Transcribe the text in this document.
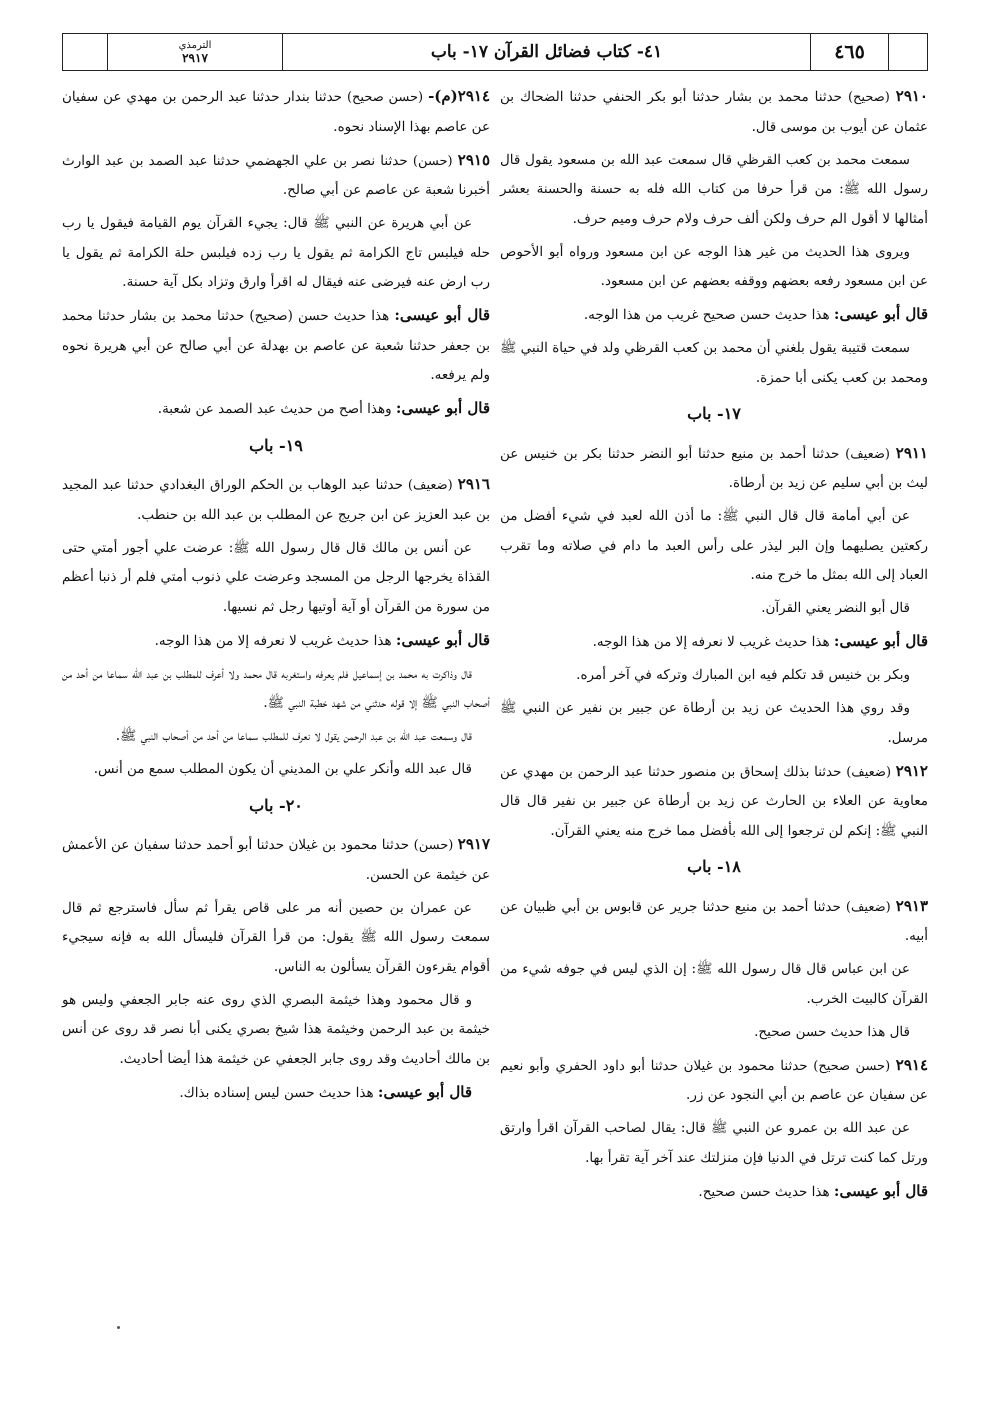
الترمذي
٢٩١٧	٤١- كتاب فضائل القرآن ١٧- باب	٤٦٥

٢٩١٠ (صحيح) حدثنا محمد بن بشار حدثنا أبو بكر الحنفي حدثنا الضحاك بن عثمان عن أيوب بن موسى قال.

سمعت محمد بن كعب القرظي قال سمعت عبد الله بن مسعود يقول قال رسول الله ﷺ: من قرأ حرفا من كتاب الله فله به حسنة والحسنة بعشر أمثالها لا أقول الم حرف ولكن ألف حرف ولام حرف وميم حرف.

ويروى هذا الحديث من غير هذا الوجه عن ابن مسعود ورواه أبو الأحوص عن ابن مسعود رفعه بعضهم ووقفه بعضهم عن ابن مسعود.

قال أبو عيسى: هذا حديث حسن صحيح غريب من هذا الوجه.

سمعت قتيبة يقول بلغني أن محمد بن كعب القرظي ولد في حياة النبي ﷺ ومحمد بن كعب يكنى أبا حمزة.

١٧- باب

٢٩١١ (ضعيف) حدثنا أحمد بن منيع حدثنا أبو النضر حدثنا بكر بن خنيس عن ليث بن أبي سليم عن زيد بن أرطاة.

عن أبي أمامة قال قال النبي ﷺ: ما أذن الله لعبد في شيء أفضل من ركعتين يصليهما وإن البر ليذر على رأس العبد ما دام في صلاته وما تقرب العباد إلى الله بمثل ما خرج منه.

قال أبو النضر يعني القرآن.

قال أبو عيسى: هذا حديث غريب لا نعرفه إلا من هذا الوجه.

وبكر بن خنيس قد تكلم فيه ابن المبارك وتركه في آخر أمره.

وقد روي هذا الحديث عن زيد بن أرطاة عن جبير بن نفير عن النبي ﷺ مرسل.

٢٩١٢ (ضعيف) حدثنا بذلك إسحاق بن منصور حدثنا عبد الرحمن بن مهدي عن معاوية عن العلاء بن الحارث عن زيد بن أرطاة عن جبير بن نفير قال قال النبي ﷺ: إنكم لن ترجعوا إلى الله بأفضل مما خرج منه يعني القرآن.

١٨- باب

٢٩١٣ (ضعيف) حدثنا أحمد بن منيع حدثنا جرير عن قابوس بن أبي ظبيان عن أبيه.

عن ابن عباس قال قال رسول الله ﷺ: إن الذي ليس في جوفه شيء من القرآن كالبيت الخرب.

قال هذا حديث حسن صحيح.

٢٩١٤ (حسن صحيح) حدثنا محمود بن غيلان حدثنا أبو داود الحفري وأبو نعيم عن سفيان عن عاصم بن أبي النجود عن زر.

عن عبد الله بن عمرو عن النبي ﷺ قال: يقال لصاحب القرآن اقرأ وارتق ورتل كما كنت ترتل في الدنيا فإن منزلتك عند آخر آية تقرأ بها.

قال أبو عيسى: هذا حديث حسن صحيح.

٢٩١٤(م)- (حسن صحيح) حدثنا بندار حدثنا عبد الرحمن بن مهدي عن سفيان عن عاصم بهذا الإسناد نحوه.

٢٩١٥ (حسن) حدثنا نصر بن علي الجهضمي حدثنا عبد الصمد بن عبد الوارث أخبرنا شعبة عن عاصم عن أبي صالح.

عن أبي هريرة عن النبي ﷺ قال: يجيء القرآن يوم القيامة فيقول يا رب حله فيلبس تاج الكرامة ثم يقول يا رب زده فيلبس حلة الكرامة ثم يقول يا رب ارض عنه فيرضى عنه فيقال له اقرأ وارق وتزاد بكل آية حسنة.

قال أبو عيسى: هذا حديث حسن (صحيح) حدثنا محمد بن بشار حدثنا محمد بن جعفر حدثنا شعبة عن عاصم بن بهدلة عن أبي صالح عن أبي هريرة نحوه ولم يرفعه.

قال أبو عيسى: وهذا أصح من حديث عبد الصمد عن شعبة.

١٩- باب

٢٩١٦ (ضعيف) حدثنا عبد الوهاب بن الحكم الوراق البغدادي حدثنا عبد المجيد بن عبد العزيز عن ابن جريج عن المطلب بن عبد الله بن حنطب.

عن أنس بن مالك قال قال رسول الله ﷺ: عرضت علي أجور أمتي حتى القذاة يخرجها الرجل من المسجد وعرضت علي ذنوب أمتي فلم أر ذنبا أعظم من سورة من القرآن أو آية أوتيها رجل ثم نسيها.

قال أبو عيسى: هذا حديث غريب لا نعرفه إلا من هذا الوجه.

قال وذاكرت به محمد بن إسماعيل فلم يعرفه واستغربه قال محمد ولا أعرف للمطلب بن عبد الله سماعا من أحد من أصحاب النبي ﷺ إلا قوله حدثني من شهد خطبة النبي ﷺ.

قال وسمعت عبد الله بن عبد الرحمن يقول لا نعرف للمطلب سماعا من أحد من أصحاب النبي ﷺ.

قال عبد الله وأنكر علي بن المديني أن يكون المطلب سمع من أنس.

٢٠- باب

٢٩١٧ (حسن) حدثنا محمود بن غيلان حدثنا أبو أحمد حدثنا سفيان عن الأعمش عن خيثمة عن الحسن.

عن عمران بن حصين أنه مر على قاص يقرأ ثم سأل فاسترجع ثم قال سمعت رسول الله ﷺ يقول: من قرأ القرآن فليسأل الله به فإنه سيجيء أقوام يقرءون القرآن يسألون به الناس.

و قال محمود وهذا خيثمة البصري الذي روى عنه جابر الجعفي وليس هو خيثمة بن عبد الرحمن وخيثمة هذا شيخ بصري يكنى أبا نصر قد روى عن أنس بن مالك أحاديث وقد روى جابر الجعفي عن خيثمة هذا أيضا أحاديث.

قال أبو عيسى: هذا حديث حسن ليس إسناده بذاك.
